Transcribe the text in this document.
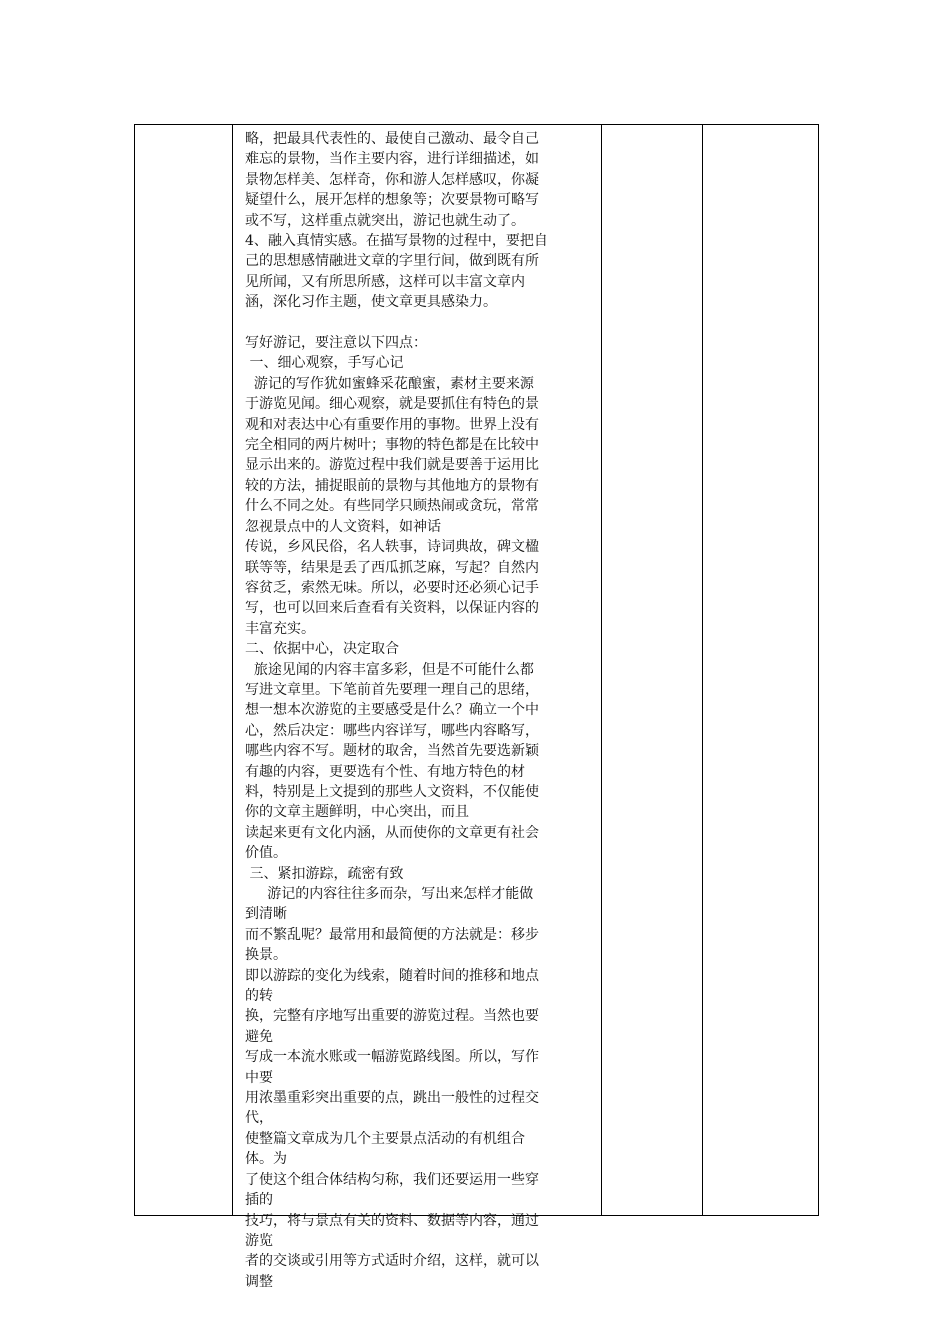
略，把最具代表性的、最使自己激动、最令自己
难忘的景物，当作主要内容，进行详细描述，如
景物怎样美、怎样奇，你和游人怎样感叹，你凝
疑望什么，展开怎样的想象等；次要景物可略写
或不写，这样重点就突出，游记也就生动了。
4、融入真情实感。在描写景物的过程中，要把自
己的思想感情融进文章的字里行间，做到既有所
见所闻，又有所思所感，这样可以丰富文章内
涵，深化习作主题，使文章更具感染力。
写好游记，要注意以下四点：
一、细心观察，手写心记
游记的写作犹如蜜蜂采花酿蜜，素材主要来源
于游览见闻。细心观察，就是要抓住有特色的景
观和对表达中心有重要作用的事物。世界上没有
完全相同的两片树叶；事物的特色都是在比较中
显示出来的。游览过程中我们就是要善于运用比
较的方法，捕捉眼前的景物与其他地方的景物有
什么不同之处。有些同学只顾热闹或贪玩，常常
忽视景点中的人文资料，如神话
传说，乡风民俗，名人轶事，诗词典故，碑文楹
联等等，结果是丢了西瓜抓芝麻，写起？自然内
容贫乏，索然无味。所以，必要时还必须心记手
写，也可以回来后查看有关资料，以保证内容的
丰富充实。
二、依据中心，决定取合
旅途见闻的内容丰富多彩，但是不可能什么都
写进文章里。下笔前首先要理一理自己的思绪，
想一想本次游览的主要感受是什么？确立一个中
心，然后决定：哪些内容详写，哪些内容略写，
哪些内容不写。题材的取舍，当然首先要选新颖
有趣的内容，更要选有个性、有地方特色的材
料，特别是上文提到的那些人文资料，不仅能使
你的文章主题鲜明，中心突出，而且
读起来更有文化内涵，从而使你的文章更有社会
价值。
三、紧扣游踪，疏密有致
游记的内容往往多而杂，写出来怎样才能做
到清晰
而不繁乱呢？最常用和最简便的方法就是：移步
换景。
即以游踪的变化为线索，随着时间的推移和地点
的转
换，完整有序地写出重要的游览过程。当然也要
避免
写成一本流水账或一幅游览路线图。所以，写作
中要
用浓墨重彩突出重要的点，跳出一般性的过程交
代，
使整篇文章成为几个主要景点活动的有机组合
体。为
了使这个组合体结构匀称，我们还要运用一些穿
插的
技巧，将与景点有关的资料、数据等内容，通过
游览
者的交谈或引用等方式适时介绍，这样，就可以
调整
